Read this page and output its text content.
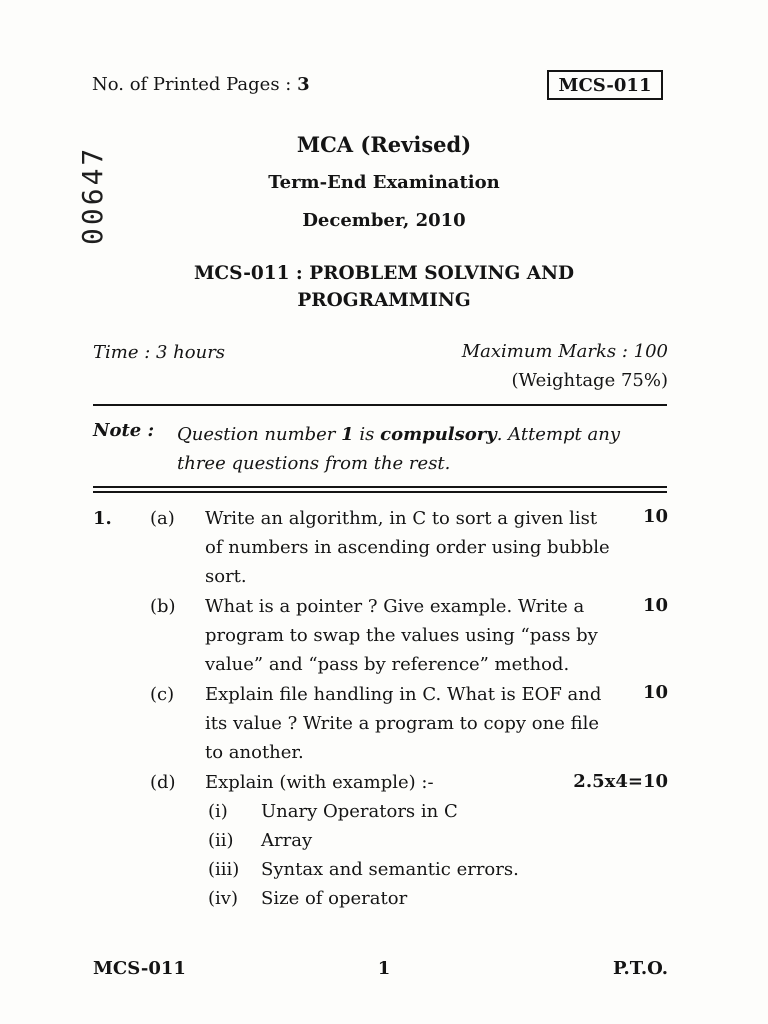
No. of Printed Pages : 3	MCS-011
00647
MCA (Revised)
Term-End Examination
December, 2010
MCS-011 : PROBLEM SOLVING AND
PROGRAMMING
Time : 3 hours	Maximum Marks : 100
(Weightage 75%)
Note : Question number 1 is compulsory. Attempt any three questions from the rest.
1. (a) Write an algorithm, in C to sort a given list of numbers in ascending order using bubble sort.
10
(b) What is a pointer ? Give example. Write a program to swap the values using “pass by value” and “pass by reference” method.
10
(c) Explain file handling in C. What is EOF and its value ? Write a program to copy one file to another.
10
(d) Explain (with example) :-	2.5x4=10
(i) Unary Operators in C
(ii) Array
(iii) Syntax and semantic errors.
(iv) Size of operator
MCS-011	1	P.T.O.
